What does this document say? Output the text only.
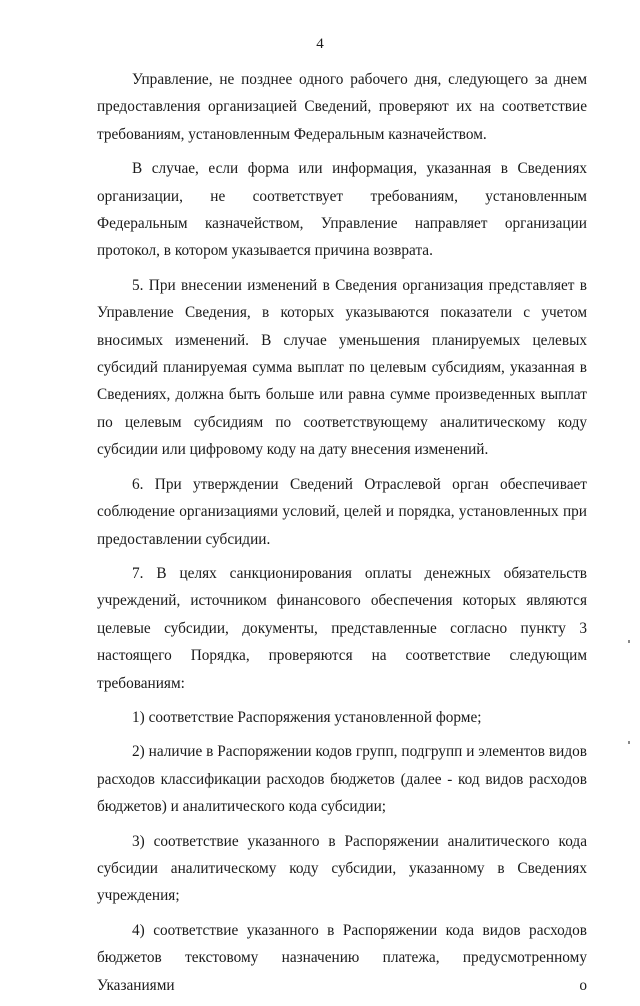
4

Управление, не позднее одного рабочего дня, следующего за днем предоставления организацией Сведений, проверяют их на соответствие требованиям, установленным Федеральным казначейством.

В случае, если форма или информация, указанная в Сведениях организации, не соответствует требованиям, установленным Федеральным казначейством, Управление направляет организации протокол, в котором указывается причина возврата.

5. При внесении изменений в Сведения организация представляет в Управление Сведения, в которых указываются показатели с учетом вносимых изменений. В случае уменьшения планируемых целевых субсидий планируемая сумма выплат по целевым субсидиям, указанная в Сведениях, должна быть больше или равна сумме произведенных выплат по целевым субсидиям по соответствующему аналитическому коду субсидии или цифровому коду на дату внесения изменений.

6. При утверждении Сведений Отраслевой орган обеспечивает соблюдение организациями условий, целей и порядка, установленных при предоставлении субсидии.

7. В целях санкционирования оплаты денежных обязательств учреждений, источником финансового обеспечения которых являются целевые субсидии, документы, представленные согласно пункту 3 настоящего Порядка, проверяются на соответствие следующим требованиям:

1) соответствие Распоряжения установленной форме;

2) наличие в Распоряжении кодов групп, подгрупп и элементов видов расходов классификации расходов бюджетов (далее - код видов расходов бюджетов) и аналитического кода субсидии;

3) соответствие указанного в Распоряжении аналитического кода субсидии аналитическому коду субсидии, указанному в Сведениях учреждения;

4) соответствие указанного в Распоряжении кода видов расходов бюджетов текстовому назначению платежа, предусмотренному Указаниями о
